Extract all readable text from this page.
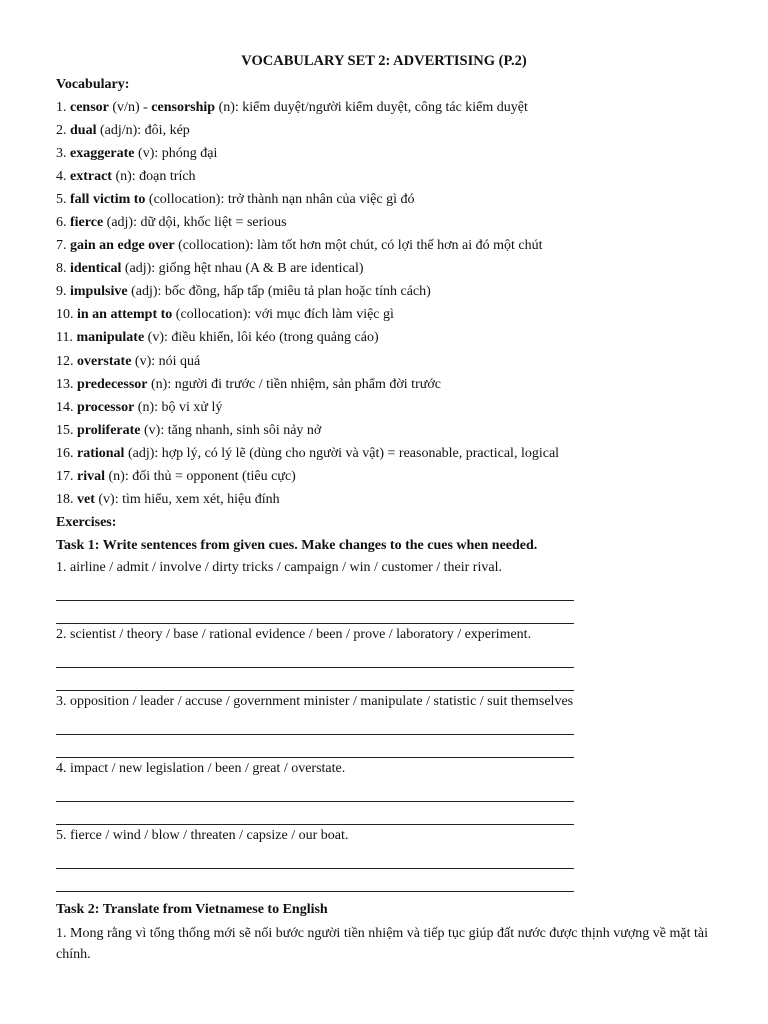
VOCABULARY SET 2: ADVERTISING (P.2)
Vocabulary:
1. censor (v/n) - censorship (n): kiểm duyệt/người kiểm duyệt, công tác kiểm duyệt
2. dual (adj/n): đôi, kép
3. exaggerate (v): phóng đại
4. extract (n): đoạn trích
5. fall victim to (collocation): trở thành nạn nhân của việc gì đó
6. fierce (adj): dữ dội, khốc liệt = serious
7. gain an edge over (collocation): làm tốt hơn một chút, có lợi thế hơn ai đó một chút
8. identical (adj): giống hệt nhau (A & B are identical)
9. impulsive (adj): bốc đồng, hấp tấp (miêu tả plan hoặc tính cách)
10. in an attempt to (collocation): với mục đích làm việc gì
11. manipulate (v): điều khiển, lôi kéo (trong quảng cáo)
12. overstate (v): nói quá
13. predecessor (n): người đi trước / tiền nhiệm, sản phẩm đời trước
14. processor (n): bộ vi xử lý
15. proliferate (v): tăng nhanh, sinh sôi nảy nở
16. rational (adj): hợp lý, có lý lẽ (dùng cho người và vật) = reasonable, practical, logical
17. rival (n): đối thủ = opponent (tiêu cực)
18. vet (v): tìm hiểu, xem xét, hiệu đính
Exercises:
Task 1: Write sentences from given cues. Make changes to the cues when needed.
1. airline / admit / involve / dirty tricks / campaign / win / customer / their rival.
2. scientist / theory / base / rational evidence / been / prove / laboratory / experiment.
3. opposition / leader / accuse / government minister / manipulate / statistic / suit themselves
4. impact / new legislation / been / great / overstate.
5. fierce / wind / blow / threaten / capsize / our boat.
Task 2: Translate from Vietnamese to English
1. Mong rằng vì tổng thống mới sẽ nối bước người tiền nhiệm và tiếp tục giúp đất nước được thịnh vượng về mặt tài chính.
